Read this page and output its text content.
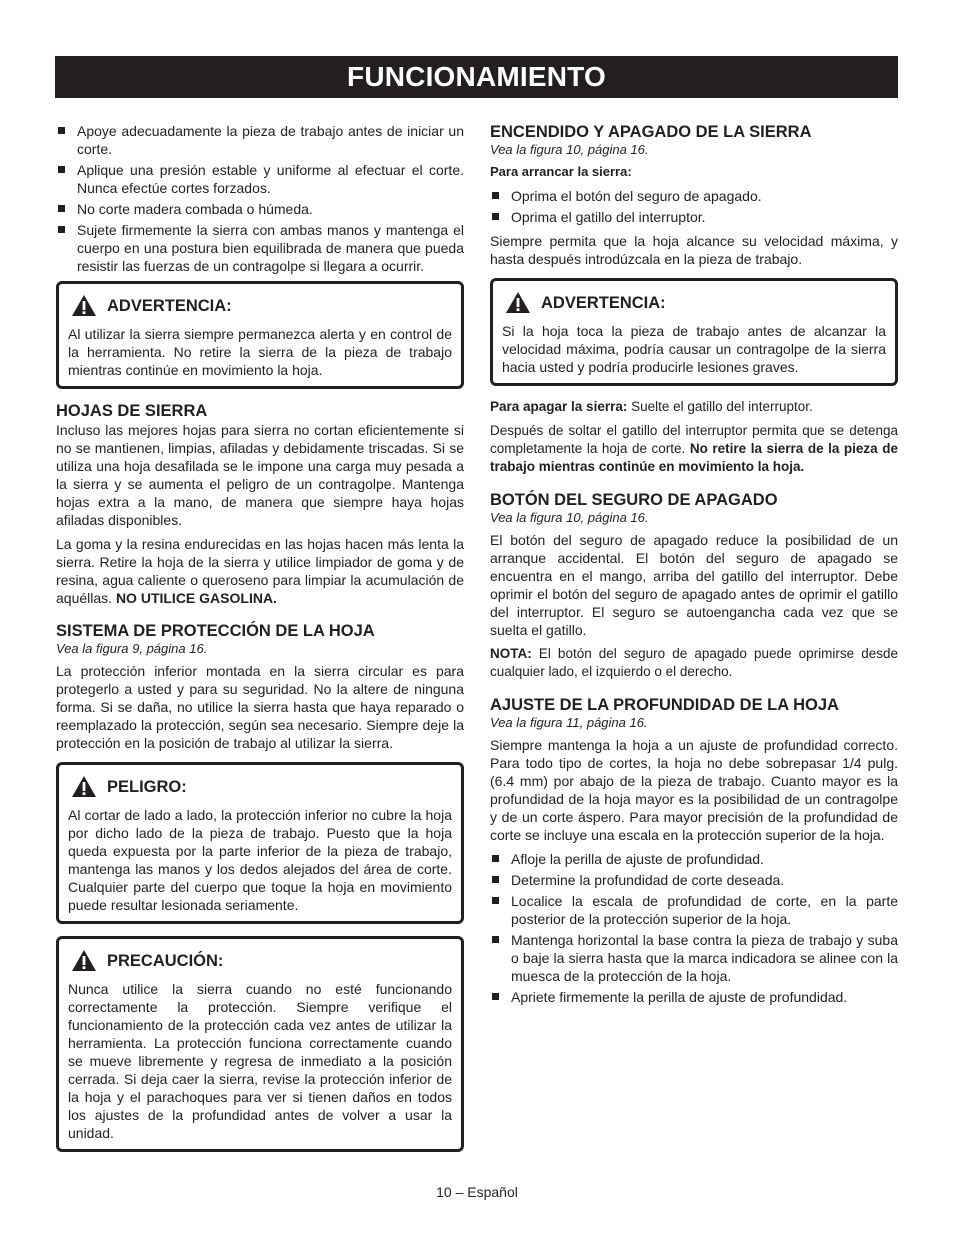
FUNCIONAMIENTO
Apoye adecuadamente la pieza de trabajo antes de iniciar un corte.
Aplique una presión estable y uniforme al efectuar el corte. Nunca efectúe cortes forzados.
No corte madera combada o húmeda.
Sujete firmemente la sierra con ambas manos y mantenga el cuerpo en una postura bien equilibrada de manera que pueda resistir las fuerzas de un contragolpe si llegara a ocurrir.
ADVERTENCIA:

Al utilizar la sierra siempre permanezca alerta y en control de la herramienta. No retire la sierra de la pieza de trabajo mientras continúe en movimiento la hoja.

HOJAS DE SIERRA

Incluso las mejores hojas para sierra no cortan eficientemente si no se mantienen, limpias, afiladas y debidamente triscadas. Si se utiliza una hoja desafilada se le impone una carga muy pesada a la sierra y se aumenta el peligro de un contragolpe. Mantenga hojas extra a la mano, de manera que siempre haya hojas afiladas disponibles.

La goma y la resina endurecidas en las hojas hacen más lenta la sierra. Retire la hoja de la sierra y utilice limpiador de goma y de resina, agua caliente o queroseno para limpiar la acumulación de aquéllas. NO UTILICE GASOLINA.

SISTEMA DE PROTECCIÓN DE LA HOJA
Vea la figura 9, página 16.

La protección inferior montada en la sierra circular es para protegerlo a usted y para su seguridad. No la altere de ninguna forma. Si se daña, no utilice la sierra hasta que haya reparado o reemplazado la protección, según sea necesario. Siempre deje la protección en la posición de trabajo al utilizar la sierra.

PELIGRO:

Al cortar de lado a lado, la protección inferior no cubre la hoja por dicho lado de la pieza de trabajo. Puesto que la hoja queda expuesta por la parte inferior de la pieza de trabajo, mantenga las manos y los dedos alejados del área de corte. Cualquier parte del cuerpo que toque la hoja en movimiento puede resultar lesionada seriamente.

PRECAUCIÓN:

Nunca utilice la sierra cuando no esté funcionando correctamente la protección. Siempre verifique el funcionamiento de la protección cada vez antes de utilizar la herramienta. La protección funciona correctamente cuando se mueve libremente y regresa de inmediato a la posición cerrada. Si deja caer la sierra, revise la protección inferior de la hoja y el parachoques para ver si tienen daños en todos los ajustes de la profundidad antes de volver a usar la unidad.

ENCENDIDO Y APAGADO DE LA SIERRA
Vea la figura 10, página 16.

Para arrancar la sierra:

Oprima el botón del seguro de apagado.
Oprima el gatillo del interruptor.

Siempre permita que la hoja alcance su velocidad máxima, y hasta después introdúzcala en la pieza de trabajo.

ADVERTENCIA:

Si la hoja toca la pieza de trabajo antes de alcanzar la velocidad máxima, podría causar un contragolpe de la sierra hacia usted y podría producirle lesiones graves.

Para apagar la sierra: Suelte el gatillo del interruptor.

Después de soltar el gatillo del interruptor permita que se detenga completamente la hoja de corte. No retire la sierra de la pieza de trabajo mientras continúe en movimiento la hoja.

BOTÓN DEL SEGURO DE APAGADO
Vea la figura 10, página 16.

El botón del seguro de apagado reduce la posibilidad de un arranque accidental. El botón del seguro de apagado se encuentra en el mango, arriba del gatillo del interruptor. Debe oprimir el botón del seguro de apagado antes de oprimir el gatillo del interruptor. El seguro se autoengancha cada vez que se suelta el gatillo.

NOTA: El botón del seguro de apagado puede oprimirse desde cualquier lado, el izquierdo o el derecho.

AJUSTE DE LA PROFUNDIDAD DE LA HOJA
Vea la figura 11, página 16.

Siempre mantenga la hoja a un ajuste de profundidad correcto. Para todo tipo de cortes, la hoja no debe sobrepasar 1/4 pulg. (6.4 mm) por abajo de la pieza de trabajo. Cuanto mayor es la profundidad de la hoja mayor es la posibilidad de un contragolpe y de un corte áspero. Para mayor precisión de la profundidad de corte se incluye una escala en la protección superior de la hoja.

Afloje la perilla de ajuste de profundidad.
Determine la profundidad de corte deseada.
Localice la escala de profundidad de corte, en la parte posterior de la protección superior de la hoja.
Mantenga horizontal la base contra la pieza de trabajo y suba o baje la sierra hasta que la marca indicadora se alinee con la muesca de la protección de la hoja.
Apriete firmemente la perilla de ajuste de profundidad.
10 – Español
